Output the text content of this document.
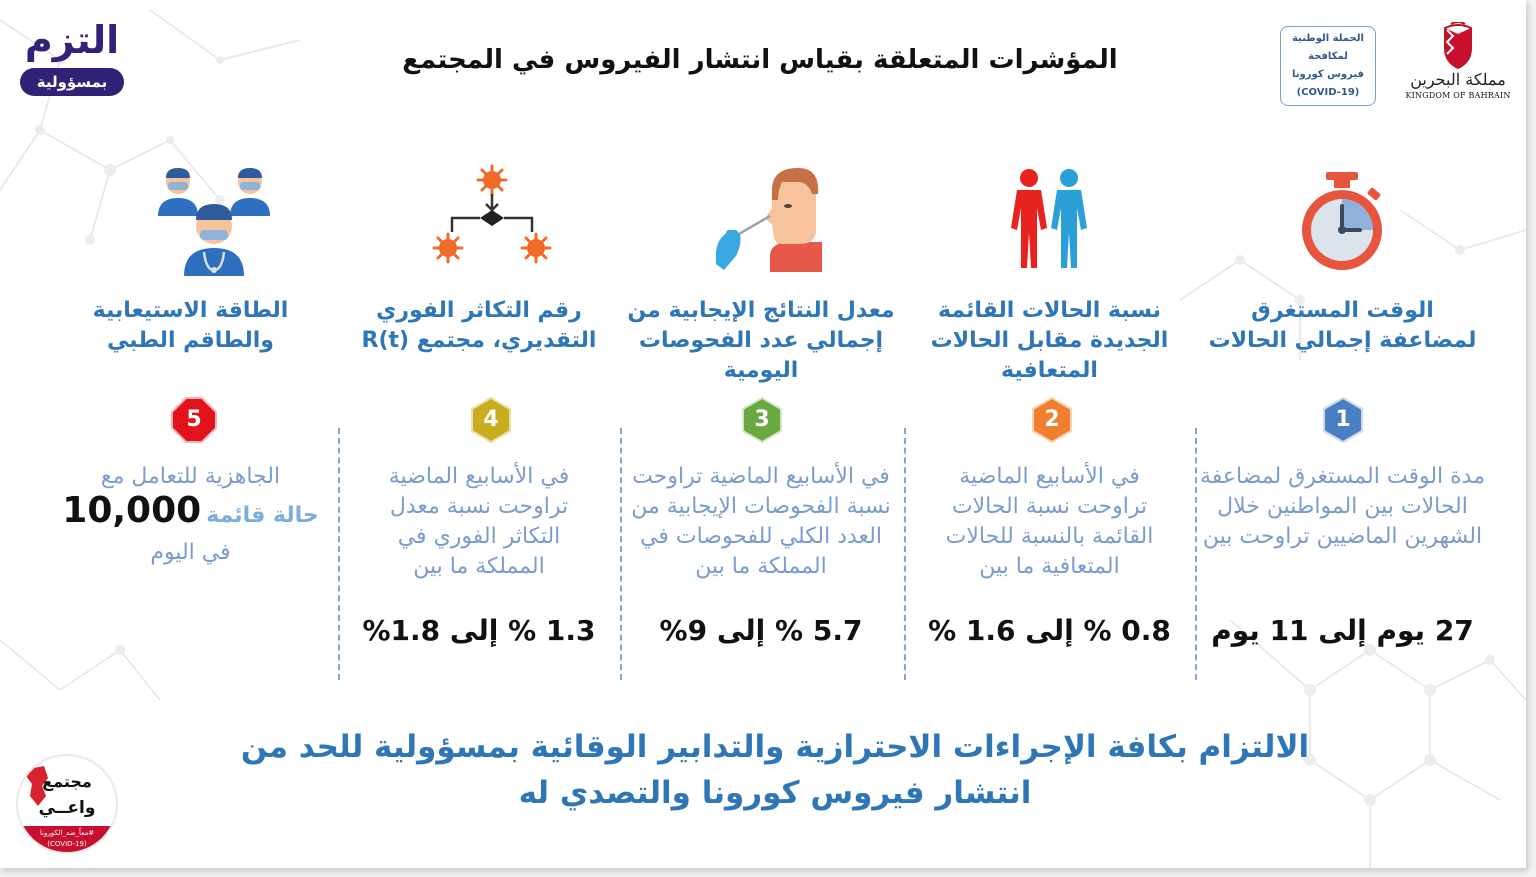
التزم
بمسؤولية
المؤشرات المتعلقة بقياس انتشار الفيروس في المجتمع
الحملة الوطنية
لمكافحة
فيروس كورونا
(COVID-19)
مملكة البحرين
KINGDOM OF BAHRAIN
الوقت المستغرق لمضاعفة إجمالي الحالات
1
مدة الوقت المستغرق لمضاعفة الحالات بين المواطنين خلال الشهرين الماضيين تراوحت بين
27 يوم إلى 11 يوم
نسبة الحالات القائمة الجديدة مقابل الحالات المتعافية
2
في الأسابيع الماضية تراوحت نسبة الحالات القائمة بالنسبة للحالات المتعافية ما بين
0.8 % إلى 1.6 %
معدل النتائج الإيجابية من إجمالي عدد الفحوصات اليومية
3
في الأسابيع الماضية تراوحت نسبة الفحوصات الإيجابية من العدد الكلي للفحوصات في المملكة ما بين
5.7 % إلى 9%
رقم التكاثر الفوري التقديري، مجتمع R(t)
4
في الأسابيع الماضية تراوحت نسبة معدل التكاثر الفوري في المملكة ما بين
1.3 % إلى 1.8%
الطاقة الاستيعابية والطاقم الطبي
5
الجاهزية للتعامل مع
حالة قائمة 10,000
في اليوم
الالتزام بكافة الإجراءات الاحترازية والتدابير الوقائية بمسؤولية للحد من انتشار فيروس كورونا والتصدي له
مجتمع
واعــي
#معاً_ضد_الكورونا
(COVID-19)
